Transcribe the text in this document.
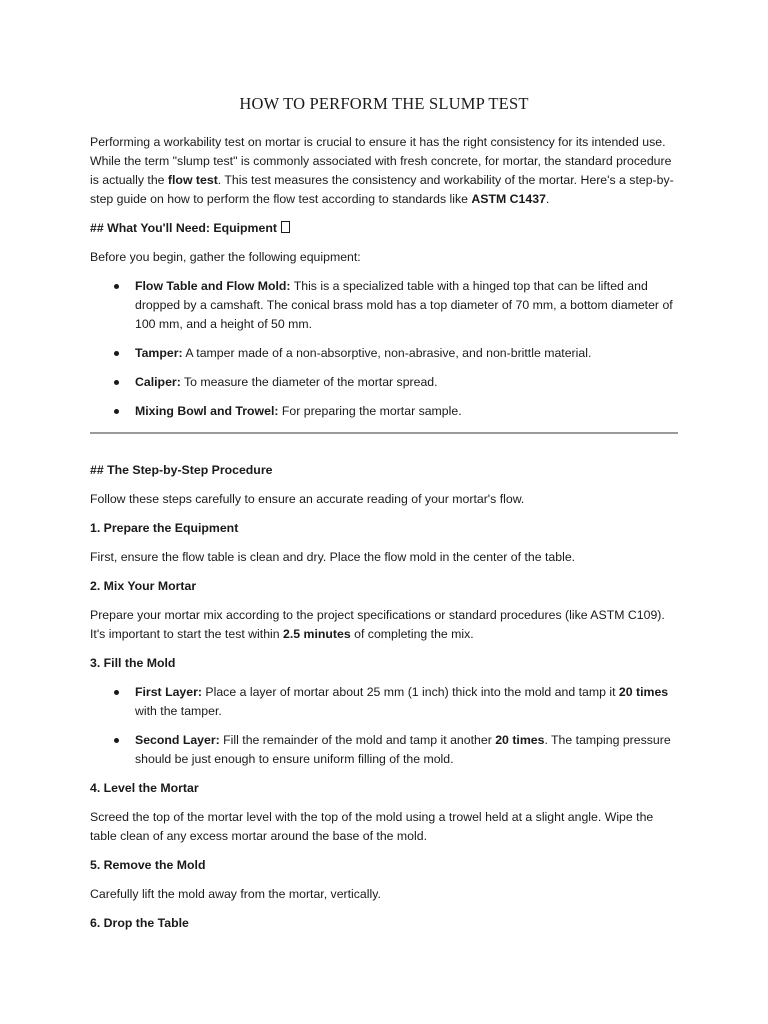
HOW TO PERFORM THE SLUMP TEST

Performing a workability test on mortar is crucial to ensure it has the right consistency for its intended use. While the term "slump test" is commonly associated with fresh concrete, for mortar, the standard procedure is actually the flow test. This test measures the consistency and workability of the mortar. Here's a step-by-step guide on how to perform the flow test according to standards like ASTM C1437.

## What You'll Need: Equipment

Before you begin, gather the following equipment:

Flow Table and Flow Mold: This is a specialized table with a hinged top that can be lifted and dropped by a camshaft. The conical brass mold has a top diameter of 70 mm, a bottom diameter of 100 mm, and a height of 50 mm.
Tamper: A tamper made of a non-absorptive, non-abrasive, and non-brittle material.
Caliper: To measure the diameter of the mortar spread.
Mixing Bowl and Trowel: For preparing the mortar sample.

## The Step-by-Step Procedure

Follow these steps carefully to ensure an accurate reading of your mortar's flow.

1. Prepare the Equipment

First, ensure the flow table is clean and dry. Place the flow mold in the center of the table.

2. Mix Your Mortar

Prepare your mortar mix according to the project specifications or standard procedures (like ASTM C109). It's important to start the test within 2.5 minutes of completing the mix.

3. Fill the Mold

First Layer: Place a layer of mortar about 25 mm (1 inch) thick into the mold and tamp it 20 times with the tamper.
Second Layer: Fill the remainder of the mold and tamp it another 20 times. The tamping pressure should be just enough to ensure uniform filling of the mold.

4. Level the Mortar

Screed the top of the mortar level with the top of the mold using a trowel held at a slight angle. Wipe the table clean of any excess mortar around the base of the mold.

5. Remove the Mold

Carefully lift the mold away from the mortar, vertically.

6. Drop the Table
